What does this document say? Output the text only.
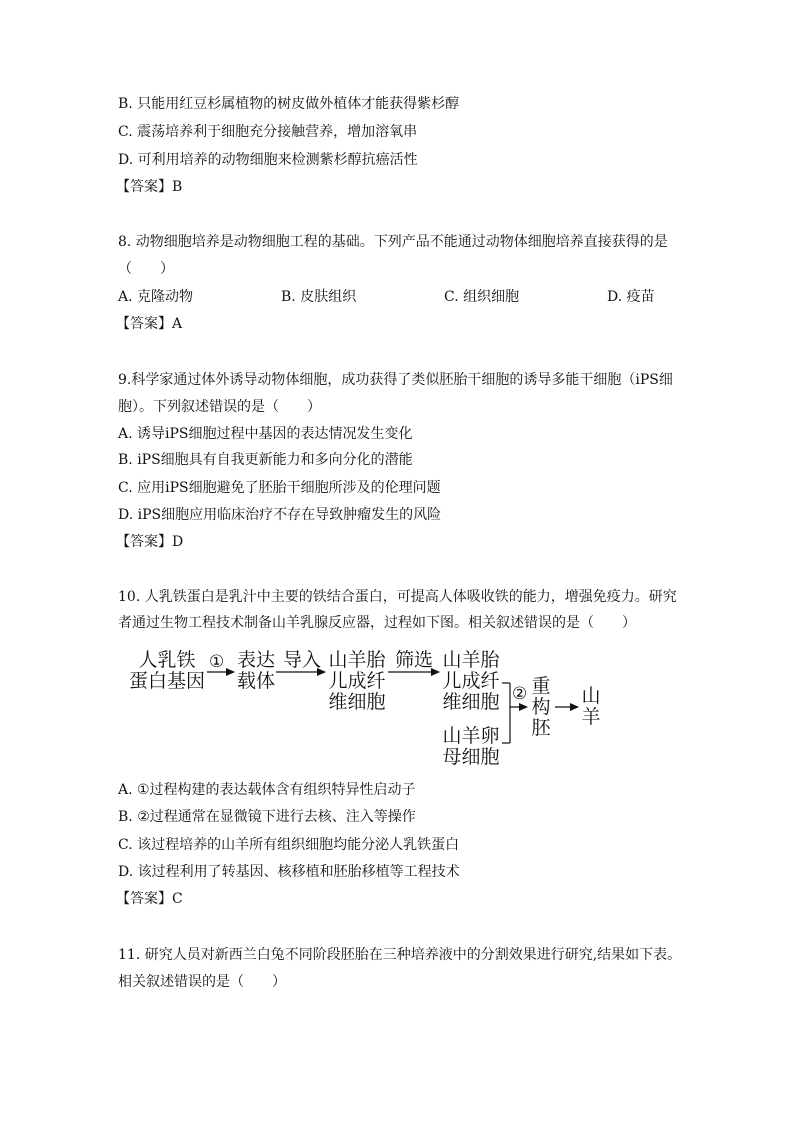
B. 只能用红豆杉属植物的树皮做外植体才能获得紫杉醇
C. 震荡培养利于细胞充分接触营养，增加溶氧串
D. 可利用培养的动物细胞来检测紫杉醇抗癌活性
【答案】B
8. 动物细胞培养是动物细胞工程的基础。下列产品不能通过动物体细胞培养直接获得的是
（　　）
A. 克隆动物	B. 皮肤组织	C. 组织细胞	D. 疫苗
【答案】A
9.科学家通过体外诱导动物体细胞，成功获得了类似胚胎干细胞的诱导多能干细胞（iPS细
胞）。下列叙述错误的是（　　）
A. 诱导iPS细胞过程中基因的表达情况发生变化
B. iPS细胞具有自我更新能力和多向分化的潜能
C. 应用iPS细胞避免了胚胎干细胞所涉及的伦理问题
D. iPS细胞应用临床治疗不存在导致肿瘤发生的风险
【答案】D
10. 人乳铁蛋白是乳汁中主要的铁结合蛋白，可提高人体吸收铁的能力，增强免疫力。研究
者通过生物工程技术制备山羊乳腺反应器，过程如下图。相关叙述错误的是（　　）
人乳铁
蛋白基因
① 表达
载体
导入 山羊胎
儿成纤
维细胞
筛选 山羊胎
儿成纤
维细胞
山羊卵
母细胞
② 重
构
胚
山
羊
A. ①过程构建的表达载体含有组织特异性启动子
B. ②过程通常在显微镜下进行去核、注入等操作
C. 该过程培养的山羊所有组织细胞均能分泌人乳铁蛋白
D. 该过程利用了转基因、核移植和胚胎移植等工程技术
【答案】C
11. 研究人员对新西兰白兔不同阶段胚胎在三种培养液中的分割效果进行研究,结果如下表。
相关叙述错误的是（　　）
